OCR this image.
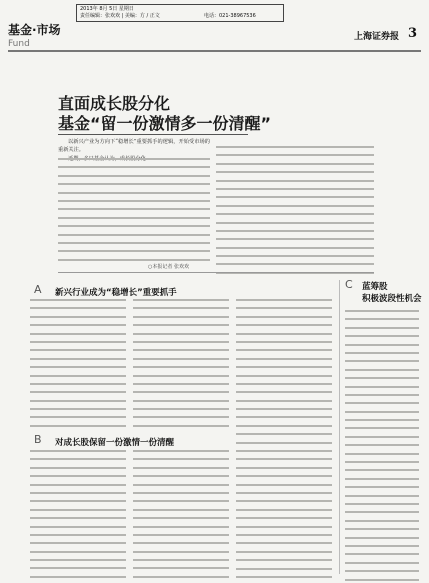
2013年 8月 5日 星期日
责任编辑：张欢欢 | 美编：方 / 正文	电话：021-38967536
基金·市场
Fund
上海证券报 3
直面成长股分化
基金“留一份激情多一份清醒”

以新兴产业为方向下“稳增长”重要抓手的逻辑，开始受市场的重新关注。

○本报记者 张欢欢
A 新兴行业成为“稳增长”重要抓手
B 对成长股保留一份激情一份清醒
C 蓝筹股
积极波段性机会
